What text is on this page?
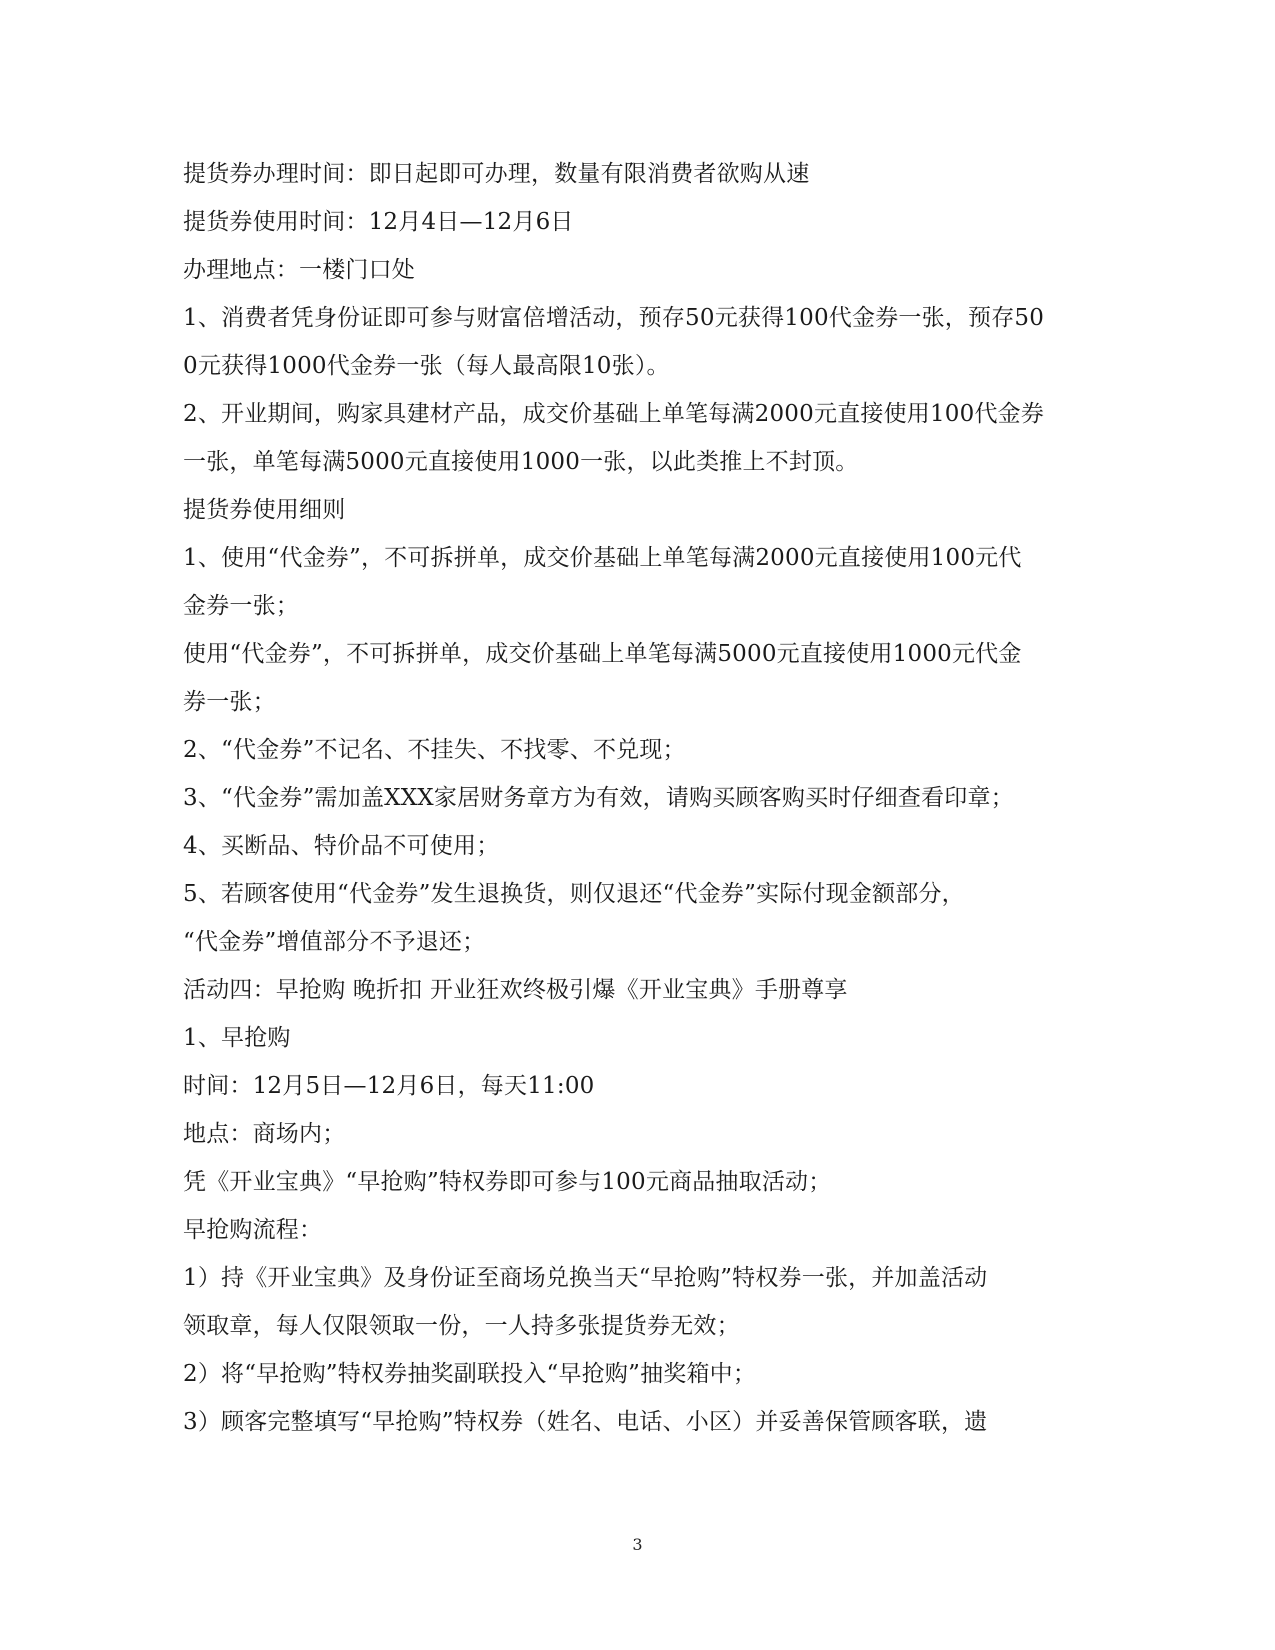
提货券办理时间：即日起即可办理，数量有限消费者欲购从速
提货券使用时间：12月4日—12月6日
办理地点：一楼门口处
1、消费者凭身份证即可参与财富倍增活动，预存50元获得100代金券一张，预存50
0元获得1000代金券一张（每人最高限10张）。
2、开业期间，购家具建材产品，成交价基础上单笔每满2000元直接使用100代金券
一张，单笔每满5000元直接使用1000一张，以此类推上不封顶。
提货券使用细则
1、使用“代金券”，不可拆拼单，成交价基础上单笔每满2000元直接使用100元代
金券一张；
使用“代金券”，不可拆拼单，成交价基础上单笔每满5000元直接使用1000元代金
券一张；
2、“代金券”不记名、不挂失、不找零、不兑现；
3、“代金券”需加盖XXX家居财务章方为有效，请购买顾客购买时仔细查看印章；
4、买断品、特价品不可使用；
5、若顾客使用“代金券”发生退换货，则仅退还“代金券”实际付现金额部分，
“代金券”增值部分不予退还；
活动四：早抢购 晚折扣 开业狂欢终极引爆《开业宝典》手册尊享
1、早抢购
时间：12月5日—12月6日，每天11:00
地点：商场内；
凭《开业宝典》“早抢购”特权券即可参与100元商品抽取活动；
早抢购流程：
1）持《开业宝典》及身份证至商场兑换当天“早抢购”特权券一张，并加盖活动
领取章，每人仅限领取一份，一人持多张提货券无效；
2）将“早抢购”特权券抽奖副联投入“早抢购”抽奖箱中；
3）顾客完整填写“早抢购”特权券（姓名、电话、小区）并妥善保管顾客联，遗
3
